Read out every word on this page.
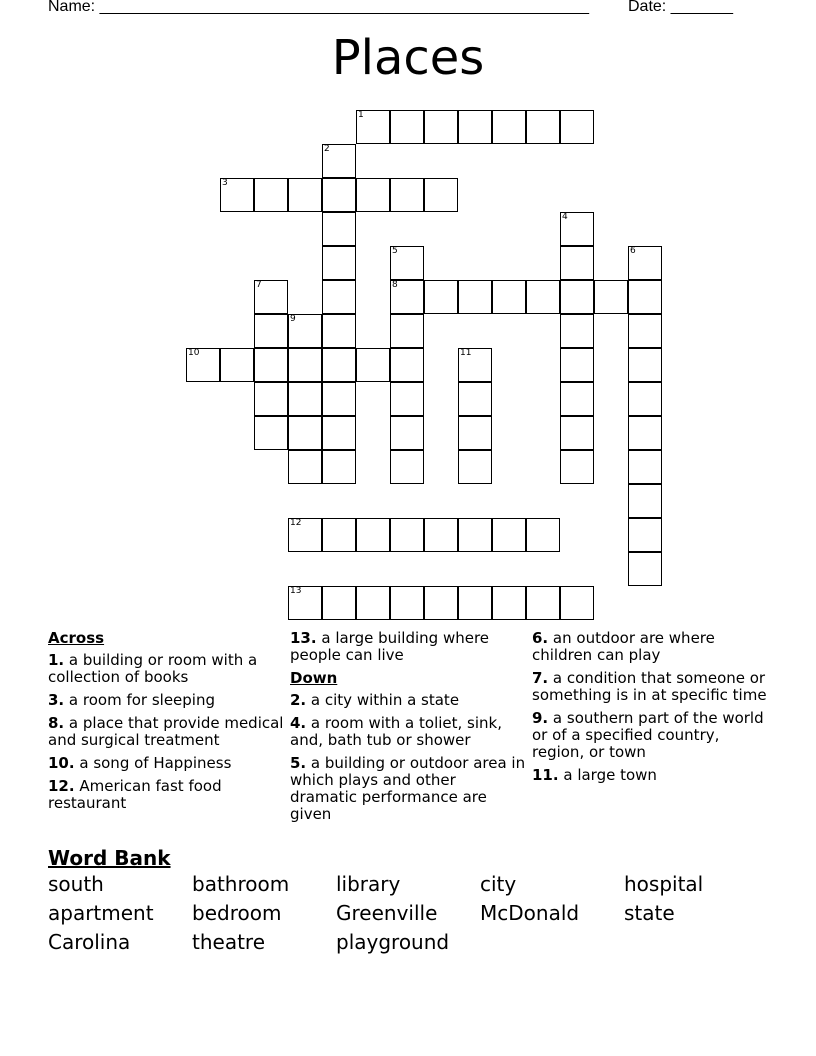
Name: _______________________________________________________ Date: _______
Places
1
2
3
4
5
8
6
7
9
10	11
12
13
Across
1. a building or room with a collection of books
3. a room for sleeping
8. a place that provide medical and surgical treatment
10. a song of Happiness
12. American fast food restaurant
13. a large building where people can live
Down
2. a city within a state
4. a room with a toliet, sink, and, bath tub or shower
5. a building or outdoor area in which plays and other dramatic performance are given
6. an outdoor are where children can play
7. a condition that someone or something is in at specific time
9. a southern part of the world or of a specified country, region, or town
11. a large town
Word Bank
south	bathroom	library	city	hospital
apartment	bedroom	Greenville	McDonald	state
Carolina	theatre	playground
